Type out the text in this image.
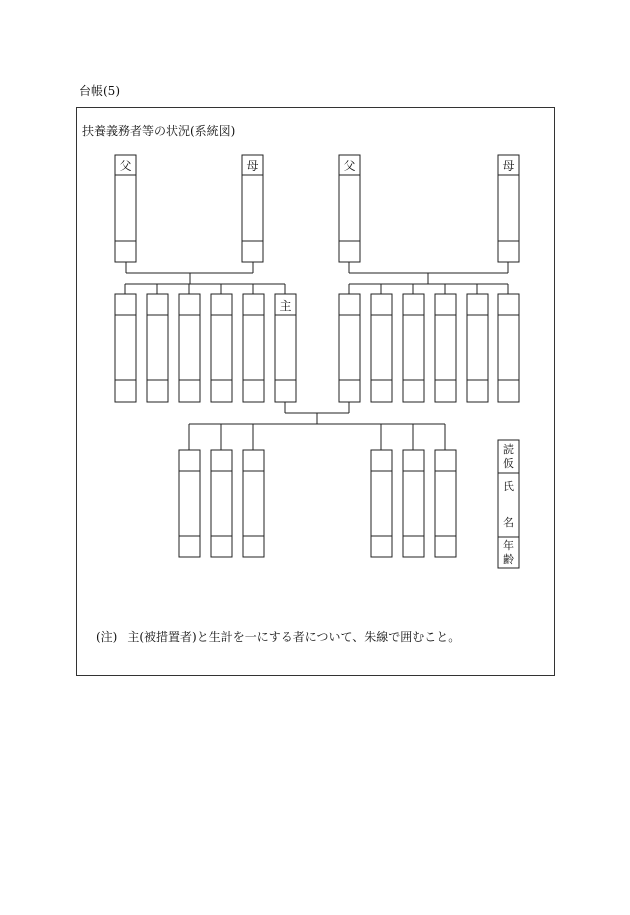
台帳(5)
扶養義務者等の状況(系統図)
父	母	父	母
主
読
仮
氏
名
年
齢
(注) 主(被措置者)と生計を一にする者について、朱線で囲むこと。
